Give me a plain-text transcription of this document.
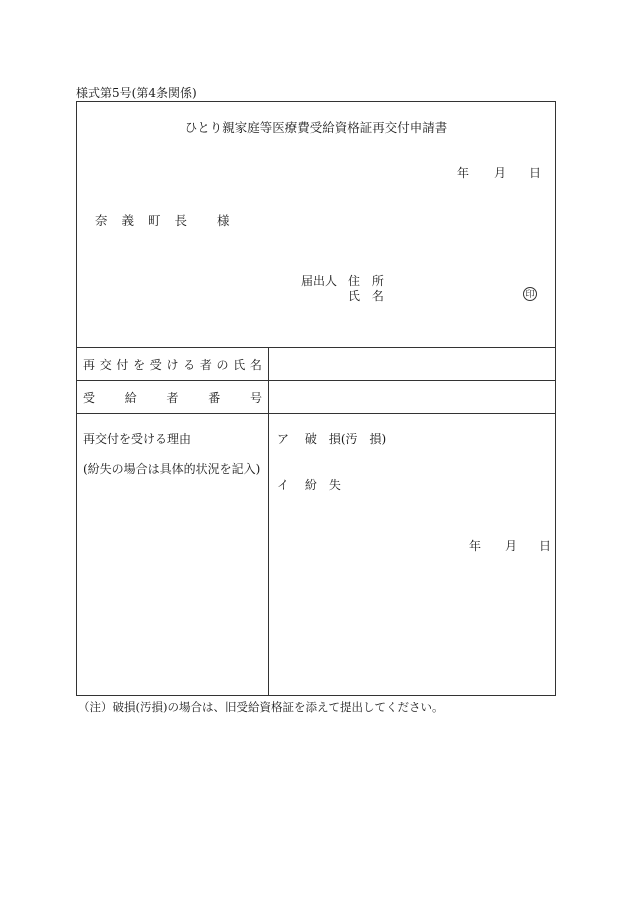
様式第5号(第4条関係)
ひとり親家庭等医療費受給資格証再交付申請書
年 月 日
奈 義 町 長 様
届出人 住 所
氏 名	印
再 交 付 を 受 け る 者 の 氏 名
受 給 者 番 号
再交付を受ける理由
(紛失の場合は具体的状況を記入)
ア 破　損(汚　損)
イ 紛　失
年 月 日
（注）破損(汚損)の場合は、旧受給資格証を添えて提出してください。
